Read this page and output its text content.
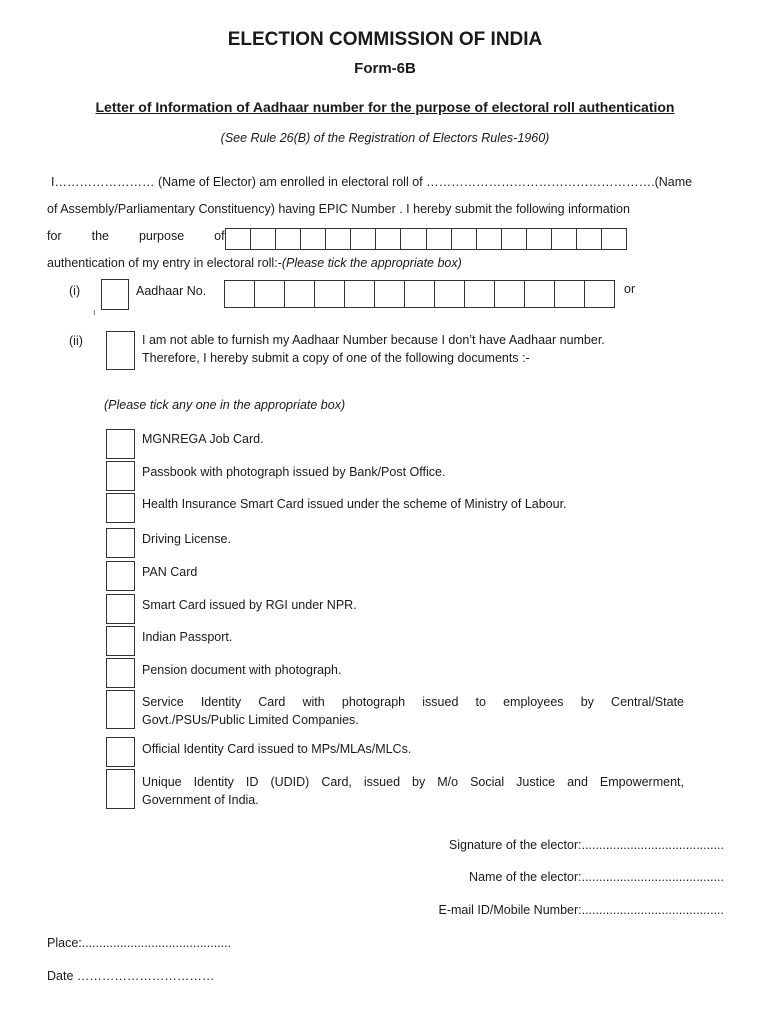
ELECTION COMMISSION OF INDIA
Form-6B
Letter of Information of Aadhaar number for the purpose of electoral roll authentication
(See Rule 26(B) of the Registration of Electors Rules-1960)
I…………………… (Name of Elector) am enrolled in electoral roll of ……………………………………………….(Name
of Assembly/Parliamentary Constituency) having EPIC Number . I hereby submit the following information
for the purpose of
authentication of my entry in electoral roll:-(Please tick the appropriate box)
(i)
ı
Aadhaar No.	or
(ii)	I am not able to furnish my Aadhaar Number because I don’t have Aadhaar number.
Therefore, I hereby submit a copy of one of the following documents :-
(Please tick any one in the appropriate box)
MGNREGA Job Card.
Passbook with photograph issued by Bank/Post Office.
Health Insurance Smart Card issued under the scheme of Ministry of Labour.
Driving License.
PAN Card
Smart Card issued by RGI under NPR.
Indian Passport.
Pension document with photograph.
Service Identity Card with photograph issued to employees by Central/State
Govt./PSUs/Public Limited Companies.
Official Identity Card issued to MPs/MLAs/MLCs.
Unique Identity ID (UDID) Card, issued by M/o Social Justice and Empowerment,
Government of India.
Signature of the elector:.........................................
Name of the elector:.........................................
E-mail ID/Mobile Number:.........................................
Place:...........................................
Date ……………………………
